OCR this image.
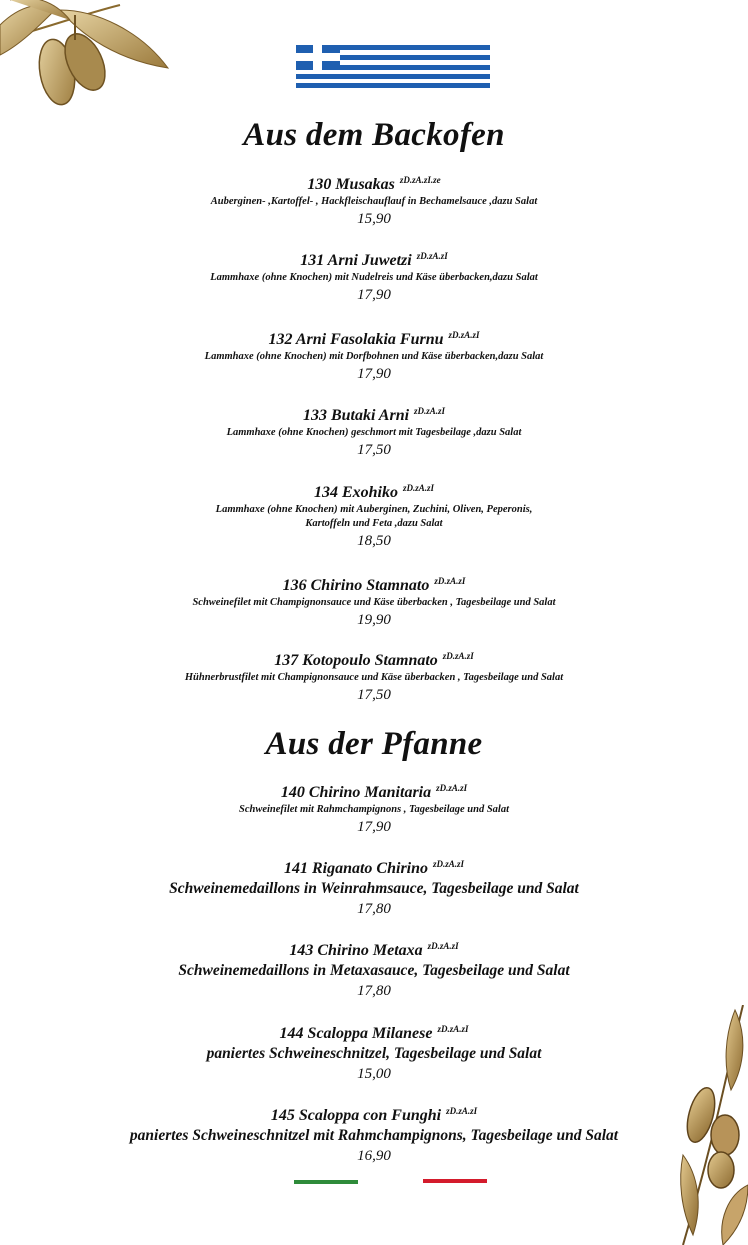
Aus dem Backofen
130 Musakas $^{zD.zA.zI.ze}$
Auberginen- ,Kartoffel- , Hackfleischauflauf in Bechamelsauce ,dazu Salat
15,90
131 Arni Juwetzi $^{zD.zA.zI}$
Lammhaxe (ohne Knochen) mit Nudelreis und Käse überbacken,dazu Salat
17,90
132 Arni Fasolakia Furnu $^{zD.zA.zI}$
Lammhaxe (ohne Knochen) mit Dorfbohnen und Käse überbacken,dazu Salat
17,90
133 Butaki Arni $^{zD.zA.zI}$
Lammhaxe (ohne Knochen) geschmort mit Tagesbeilage ,dazu Salat
17,50
134 Exohiko $^{zD.zA.zI}$
Lammhaxe (ohne Knochen) mit Auberginen, Zuchini, Oliven, Peperonis,
Kartoffeln und Feta ,dazu Salat
18,50
136 Chirino Stamnato $^{zD.zA.zI}$
Schweinefilet mit Champignonsauce und Käse überbacken , Tagesbeilage und Salat
19,90
137 Kotopoulo Stamnato $^{zD.zA.zI}$
Hühnerbrustfilet mit Champignonsauce und Käse überbacken , Tagesbeilage und Salat
17,50
Aus der Pfanne
140 Chirino Manitaria $^{zD.zA.zI}$
Schweinefilet mit Rahmchampignons , Tagesbeilage und Salat
17,90
141 Riganato Chirino $^{zD.zA.zI}$
Schweinemedaillons in Weinrahmsauce, Tagesbeilage und Salat
17,80
143 Chirino Metaxa $^{zD.zA.zI}$
Schweinemedaillons in Metaxasauce, Tagesbeilage und Salat
17,80
144 Scaloppa Milanese $^{zD.zA.zI}$
paniertes Schweineschnitzel, Tagesbeilage und Salat
15,00
145 Scaloppa con Funghi $^{zD.zA.zI}$
paniertes Schweineschnitzel mit Rahmchampignons, Tagesbeilage und Salat
16,90
